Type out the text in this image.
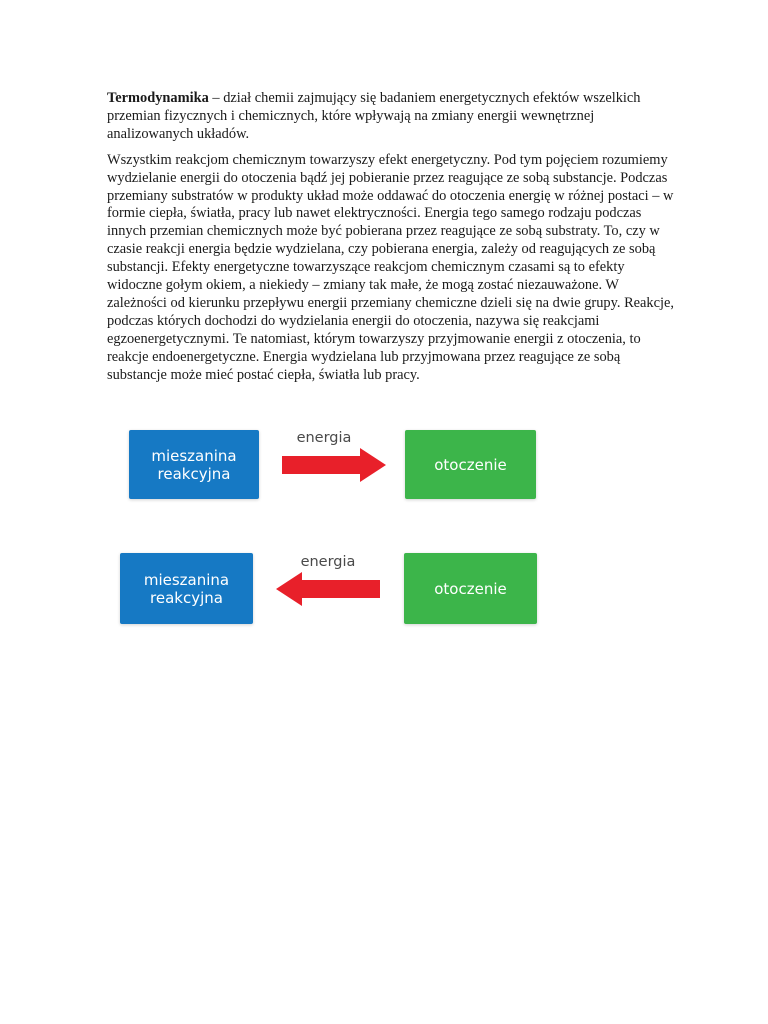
Termodynamika – dział chemii zajmujący się badaniem energetycznych efektów wszelkich przemian fizycznych i chemicznych, które wpływają na zmiany energii wewnętrznej analizowanych układów.

Wszystkim reakcjom chemicznym towarzyszy efekt energetyczny. Pod tym pojęciem rozumiemy wydzielanie energii do otoczenia bądź jej pobieranie przez reagujące ze sobą substancje. Podczas przemiany substratów w produkty układ może oddawać do otoczenia energię w różnej postaci – w formie ciepła, światła, pracy lub nawet elektryczności. Energia tego samego rodzaju podczas innych przemian chemicznych może być pobierana przez reagujące ze sobą substraty. To, czy w czasie reakcji energia będzie wydzielana, czy pobierana energia, zależy od reagujących ze sobą substancji. Efekty energetyczne towarzyszące reakcjom chemicznym czasami są to efekty widoczne gołym okiem, a niekiedy – zmiany tak małe, że mogą zostać niezauważone. W zależności od kierunku przepływu energii przemiany chemiczne dzieli się na dwie grupy. Reakcje, podczas których dochodzi do wydzielania energii do otoczenia, nazywa się reakcjami egzoenergetycznymi. Te natomiast, którym towarzyszy przyjmowanie energii z otoczenia, to reakcje endoenergetyczne. Energia wydzielana lub przyjmowana przez reagujące ze sobą substancje może mieć postać ciepła, światła lub pracy.

mieszanina reakcyjna
energia
otoczenie
mieszanina reakcyjna
energia
otoczenie
